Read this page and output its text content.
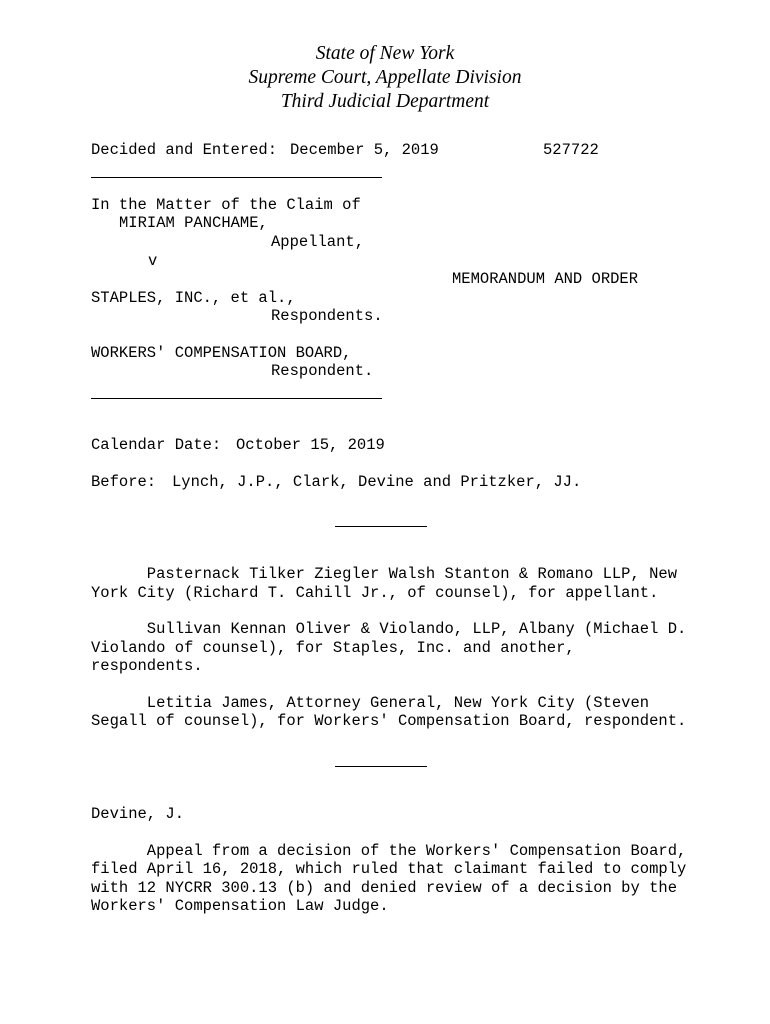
State of New York
Supreme Court, Appellate Division
Third Judicial Department
Decided and Entered: December 5, 2019	527722
In the Matter of the Claim of
MIRIAM PANCHAME,
Appellant,
v
MEMORANDUM AND ORDER
STAPLES, INC., et al.,
Respondents.
WORKERS' COMPENSATION BOARD,
Respondent.
Calendar Date: October 15, 2019
Before: Lynch, J.P., Clark, Devine and Pritzker, JJ.
Pasternack Tilker Ziegler Walsh Stanton & Romano LLP, New
York City (Richard T. Cahill Jr., of counsel), for appellant.
Sullivan Kennan Oliver & Violando, LLP, Albany (Michael D.
Violando of counsel), for Staples, Inc. and another,
respondents.
Letitia James, Attorney General, New York City (Steven
Segall of counsel), for Workers' Compensation Board, respondent.
Devine, J.
Appeal from a decision of the Workers' Compensation Board,
filed April 16, 2018, which ruled that claimant failed to comply
with 12 NYCRR 300.13 (b) and denied review of a decision by the
Workers' Compensation Law Judge.
